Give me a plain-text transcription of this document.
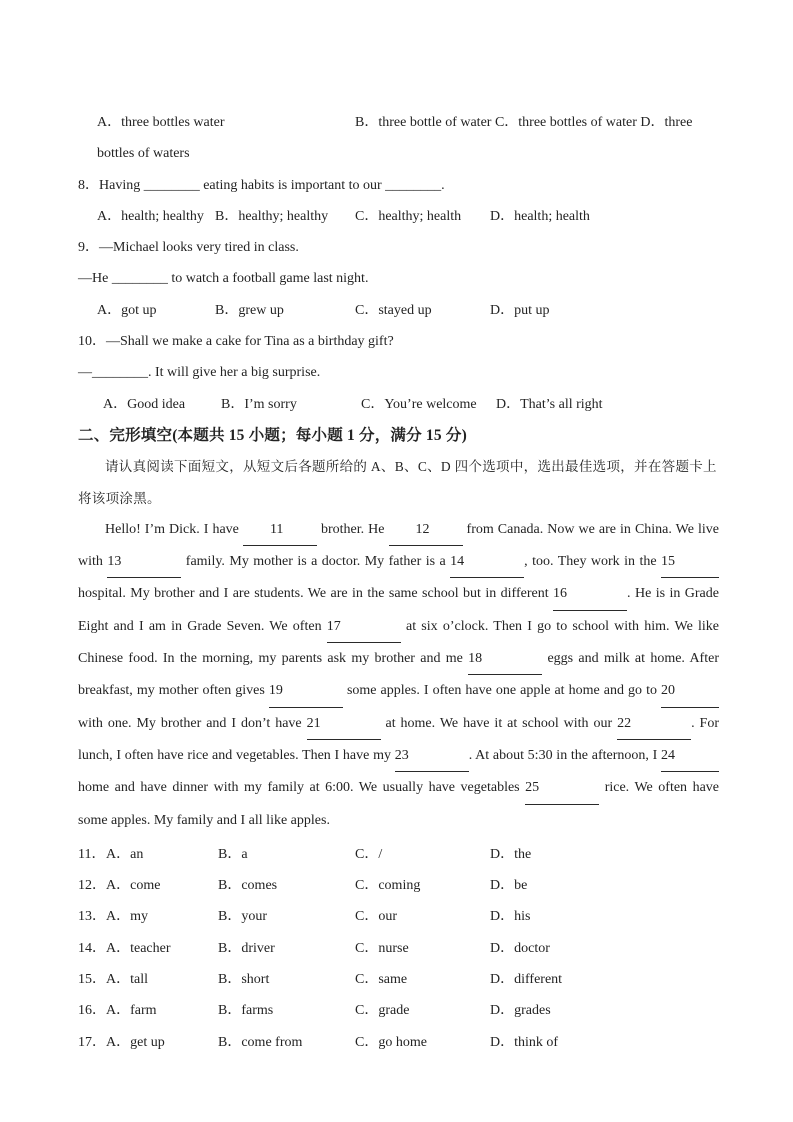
A．three bottles water	B．three bottle of water C．three bottles of water D．three
bottles of waters
8．Having ________ eating habits is important to our ________.
A．health; healthy B．healthy; healthy C．healthy; health D．health; health
9．—Michael looks very tired in class.
—He ________ to watch a football game last night.
A．got up	B．grew up	C．stayed up	D．put up
10．—Shall we make a cake for Tina as a birthday gift?
—________. It will give her a big surprise.
A．Good idea	B．I’m sorry	C．You’re welcome D．That’s all right
二、完形填空(本题共 15 小题；每小题 1 分，满分 15 分)
请认真阅读下面短文，从短文后各题所给的 A、B、C、D 四个选项中，选出最佳选项，并在答题卡上
将该项涂黑。
Hello! I’m Dick. I have 11 brother. He 12 from Canada. Now we are in China. We live
with 13	family. My mother is a doctor. My father is a 14	, too. They work in the 15
hospital. My brother and I are students. We are in the same school but in different 16	. He is in Grade
Eight and I am in Grade Seven. We often 17	at six o’clock. Then I go to school with him. We like
Chinese food. In the morning, my parents ask my brother and me 18	eggs and milk at home. After
breakfast, my mother often gives 19	some apples. I often have one apple at home and go to 20
with one. My brother and I don’t have 21	at home. We have it at school with our 22	. For
lunch, I often have rice and vegetables. Then I have my 23	. At about 5:30 in the afternoon, I 24
home and have dinner with my family at 6:00. We usually have vegetables 25	rice. We often have
some apples. My family and I all like apples.
11．A．an	B．a	C．/	D．the
12．A．come	B．comes	C．coming	D．be
13．A．my	B．your	C．our	D．his
14．A．teacher	B．driver	C．nurse	D．doctor
15．A．tall	B．short	C．same	D．different
16．A．farm	B．farms	C．grade	D．grades
17．A．get up	B．come from	C．go home	D．think of
